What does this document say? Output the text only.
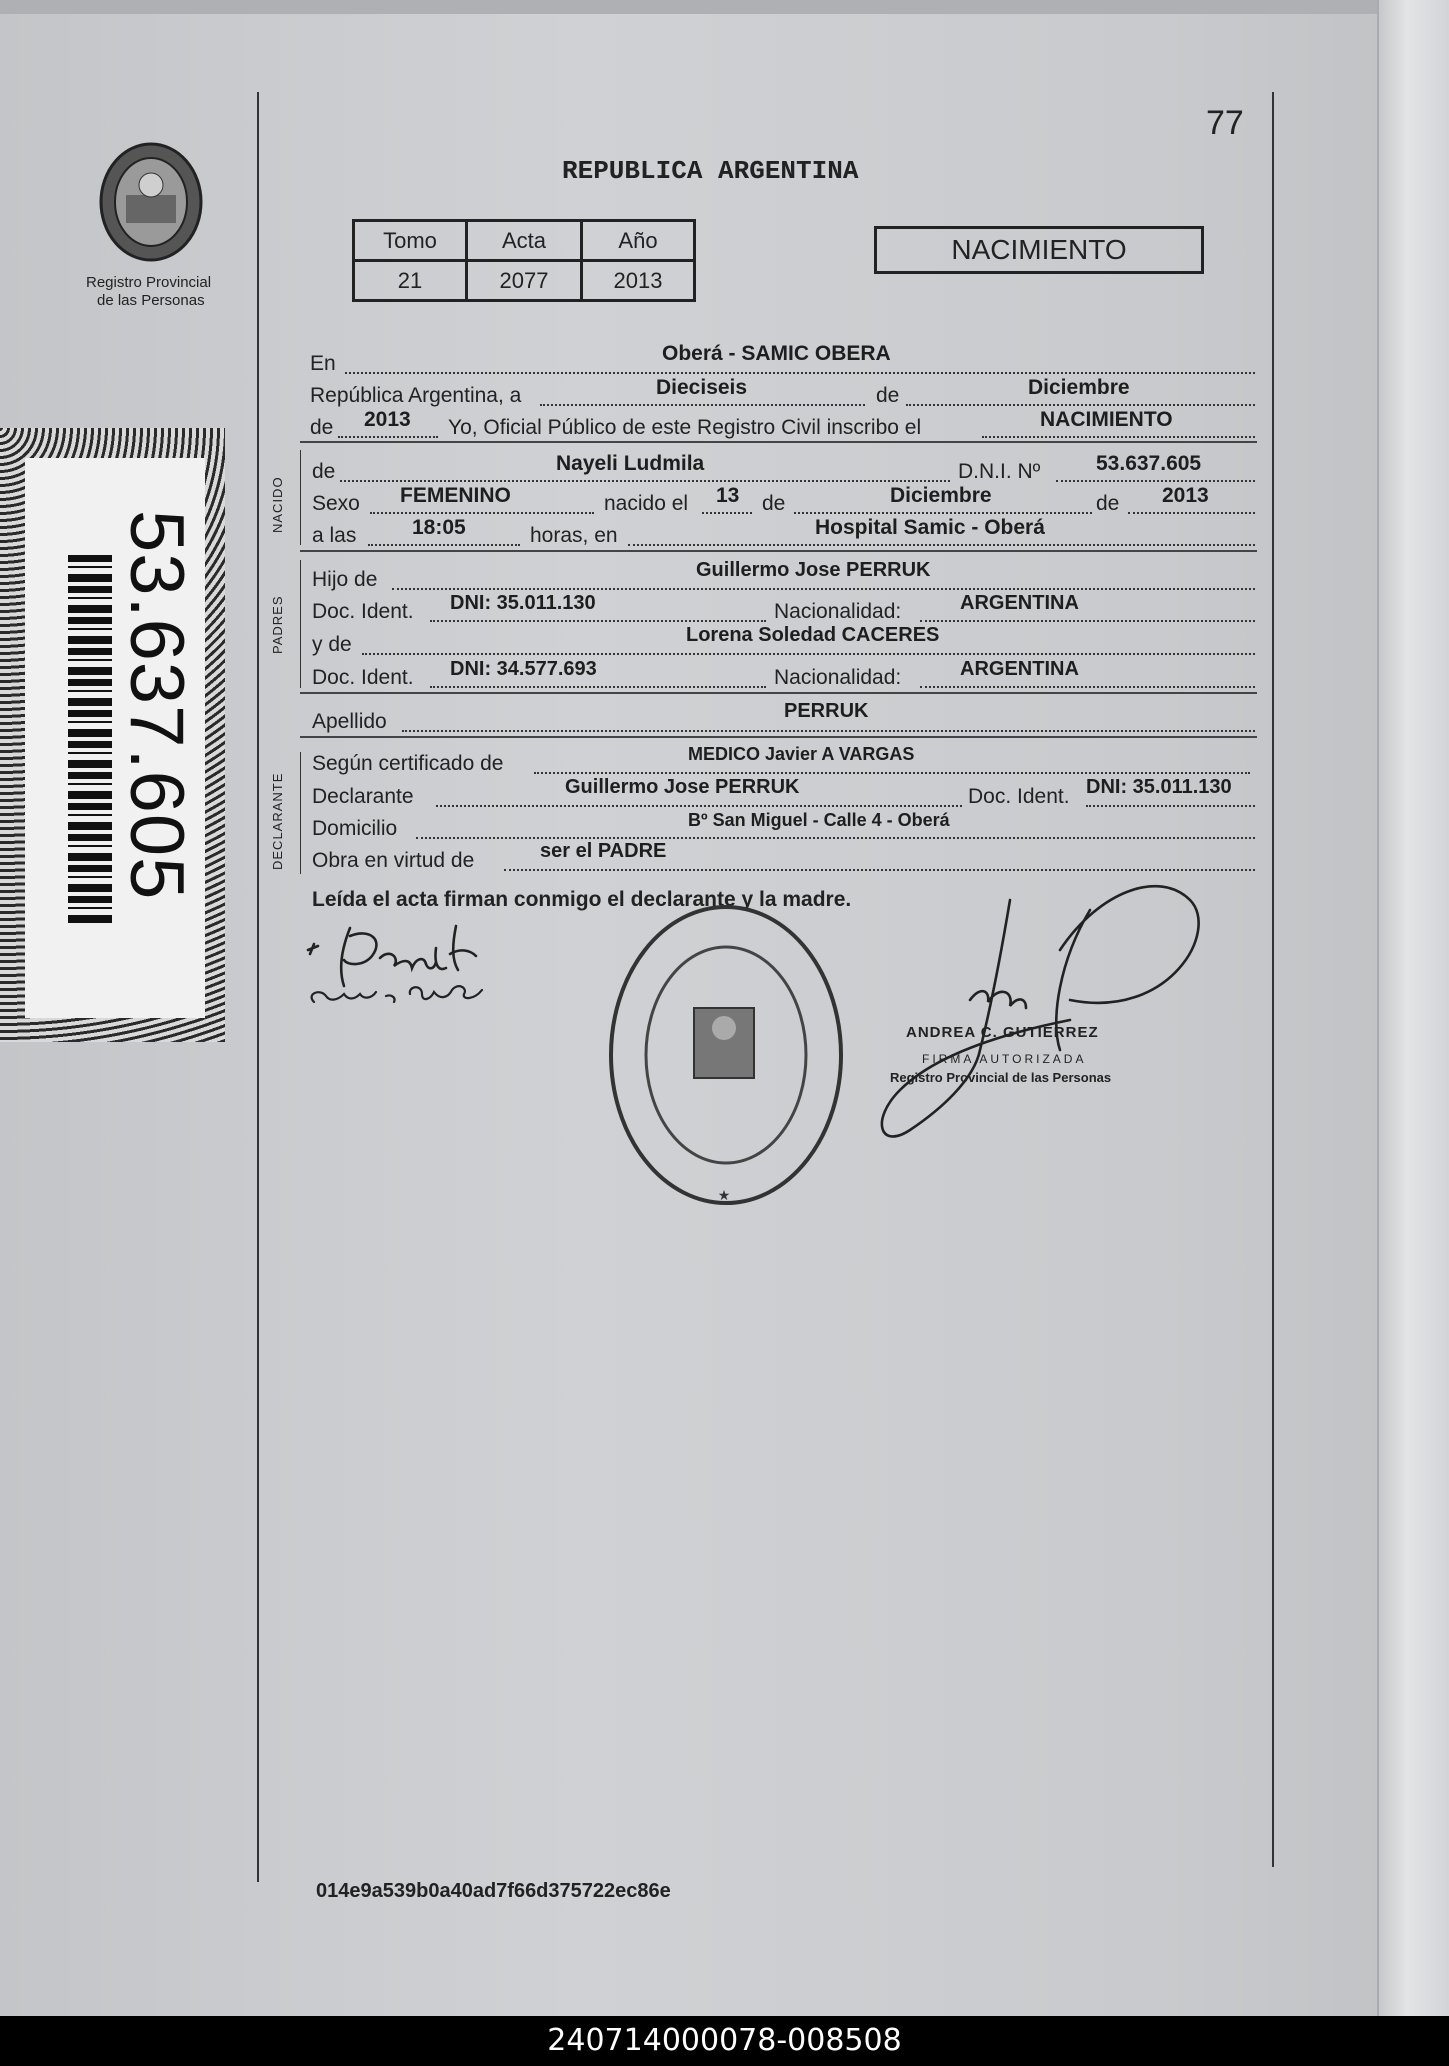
Registro Provincial
de las Personas
53.637.605
77
REPUBLICA ARGENTINA
Tomo	Acta	Año
21	2077	2013
NACIMIENTO
En	Oberá - SAMIC OBERA
República Argentina, a	Dieciseis	de	Diciembre
de 2013 Yo, Oficial Público de este Registro Civil inscribo el	NACIMIENTO
NACIDO
de	Nayeli Ludmila	D.N.I. Nº	53.637.605
Sexo FEMENINO	nacido el 13 de	Diciembre	de 2013
a las	18:05	horas, en	Hospital Samic - Oberá
PADRES
Hijo de	Guillermo Jose PERRUK
Doc. Ident. DNI: 35.011.130	Nacionalidad:	ARGENTINA
y de	Lorena Soledad CACERES
Doc. Ident. DNI: 34.577.693	Nacionalidad:	ARGENTINA
Apellido	PERRUK
DECLARANTE
Según certificado de	MEDICO Javier A VARGAS
Declarante	Guillermo Jose PERRUK	Doc. Ident. DNI: 35.011.130
Domicilio	Bº San Miguel - Calle 4 - Oberá
Obra en virtud de	ser el PADRE
Leída el acta firman conmigo el declarante y la madre.
★
ANDREA C. GUTIERREZ
FIRMA AUTORIZADA
Registro Provincial de las Personas
014e9a539b0a40ad7f66d375722ec86e
240714000078-008508
